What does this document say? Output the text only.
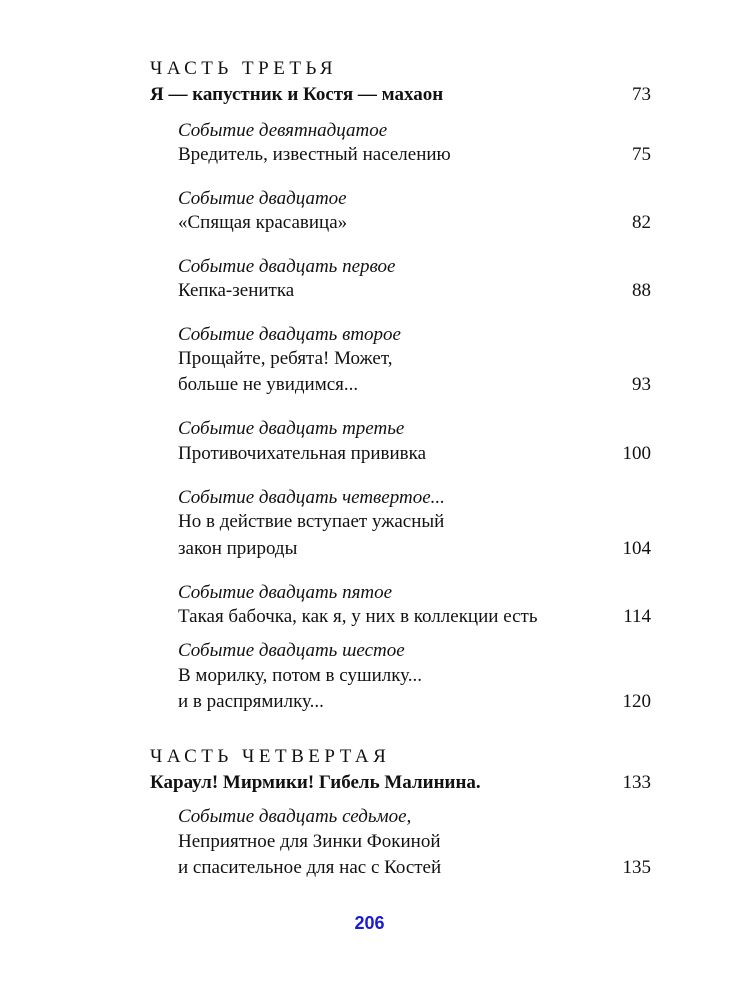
ЧАСТЬ ТРЕТЬЯ
Я — капустник и Костя — махаон	73
Событие девятнадцатое
Вредитель, известный населению	75
Событие двадцатое
«Спящая красавица»	82
Событие двадцать первое
Кепка-зенитка	88
Событие двадцать второе
Прощайте, ребята! Может,
больше не увидимся...	93
Событие двадцать третье
Противочихательная прививка	100
Событие двадцать четвертое...
Но в действие вступает ужасный
закон природы	104
Событие двадцать пятое
Такая бабочка, как я, у них в коллекции есть	114
Событие двадцать шестое
В морилку, потом в сушилку...
и в распрямилку...	120
ЧАСТЬ ЧЕТВЕРТАЯ
Караул! Мирмики! Гибель Малинина.	133
Событие двадцать седьмое,
Неприятное для Зинки Фокиной
и спасительное для нас с Костей	135
206
